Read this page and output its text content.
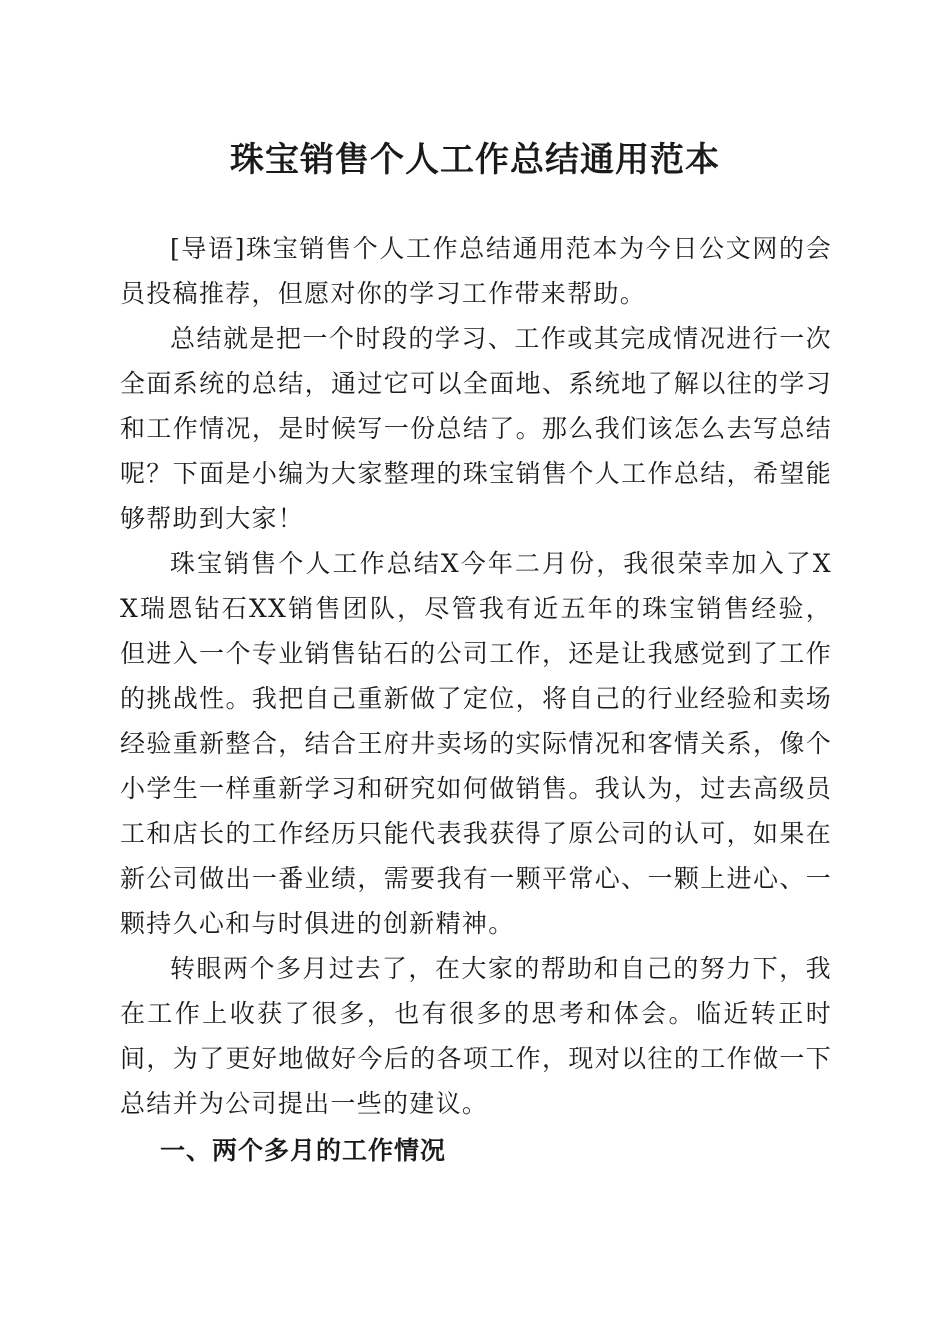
珠宝销售个人工作总结通用范本

[导语]珠宝销售个人工作总结通用范本为今日公文网的会员投稿推荐，但愿对你的学习工作带来帮助。

总结就是把一个时段的学习、工作或其完成情况进行一次全面系统的总结，通过它可以全面地、系统地了解以往的学习和工作情况，是时候写一份总结了。那么我们该怎么去写总结呢？下面是小编为大家整理的珠宝销售个人工作总结，希望能够帮助到大家！

珠宝销售个人工作总结X今年二月份，我很荣幸加入了XX瑞恩钻石XX销售团队，尽管我有近五年的珠宝销售经验，但进入一个专业销售钻石的公司工作，还是让我感觉到了工作的挑战性。我把自己重新做了定位，将自己的行业经验和卖场经验重新整合，结合王府井卖场的实际情况和客情关系，像个小学生一样重新学习和研究如何做销售。我认为，过去高级员工和店长的工作经历只能代表我获得了原公司的认可，如果在新公司做出一番业绩，需要我有一颗平常心、一颗上进心、一颗持久心和与时俱进的创新精神。

转眼两个多月过去了，在大家的帮助和自己的努力下，我在工作上收获了很多，也有很多的思考和体会。临近转正时间，为了更好地做好今后的各项工作，现对以往的工作做一下总结并为公司提出一些的建议。

一、两个多月的工作情况
